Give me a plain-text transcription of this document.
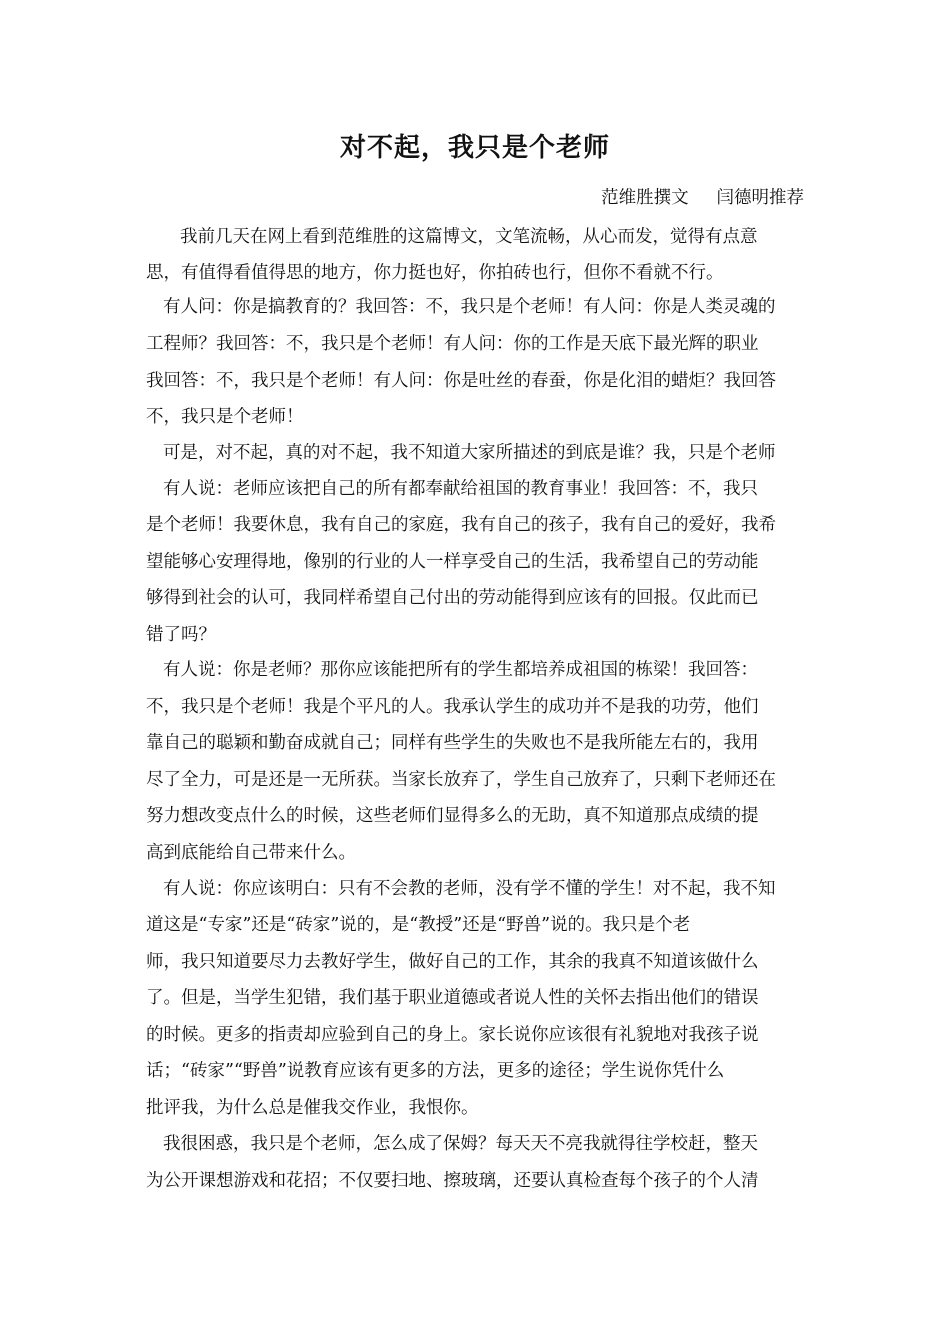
对不起，我只是个老师
范维胜撰文     闫德明推荐
我前几天在网上看到范维胜的这篇博文，文笔流畅，从心而发，觉得有点意
思，有值得看值得思的地方，你力挺也好，你拍砖也行，但你不看就不行。
有人问：你是搞教育的？我回答：不，我只是个老师！有人问：你是人类灵魂的
工程师？我回答：不，我只是个老师！有人问：你的工作是天底下最光辉的职业
我回答：不，我只是个老师！有人问：你是吐丝的春蚕，你是化泪的蜡炬？我回答
不，我只是个老师！
可是，对不起，真的对不起，我不知道大家所描述的到底是谁？我，只是个老师
有人说：老师应该把自己的所有都奉献给祖国的教育事业！我回答：不，我只
是个老师！我要休息，我有自己的家庭，我有自己的孩子，我有自己的爱好，我希
望能够心安理得地，像别的行业的人一样享受自己的生活，我希望自己的劳动能
够得到社会的认可，我同样希望自己付出的劳动能得到应该有的回报。仅此而已
错了吗？
有人说：你是老师？那你应该能把所有的学生都培养成祖国的栋梁！我回答：
不，我只是个老师！我是个平凡的人。我承认学生的成功并不是我的功劳，他们
靠自己的聪颖和勤奋成就自己；同样有些学生的失败也不是我所能左右的，我用
尽了全力，可是还是一无所获。当家长放弃了，学生自己放弃了，只剩下老师还在
努力想改变点什么的时候，这些老师们显得多么的无助，真不知道那点成绩的提
高到底能给自己带来什么。
有人说：你应该明白：只有不会教的老师，没有学不懂的学生！对不起，我不知
道这是“专家”还是“砖家”说的，是“教授”还是“野兽”说的。我只是个老
师，我只知道要尽力去教好学生，做好自己的工作，其余的我真不知道该做什么
了。但是，当学生犯错，我们基于职业道德或者说人性的关怀去指出他们的错误
的时候。更多的指责却应验到自己的身上。家长说你应该很有礼貌地对我孩子说
话；“砖家”“野兽”说教育应该有更多的方法，更多的途径；学生说你凭什么
批评我，为什么总是催我交作业，我恨你。
我很困惑，我只是个老师，怎么成了保姆？每天天不亮我就得往学校赶，整天
为公开课想游戏和花招；不仅要扫地、擦玻璃，还要认真检查每个孩子的个人清
